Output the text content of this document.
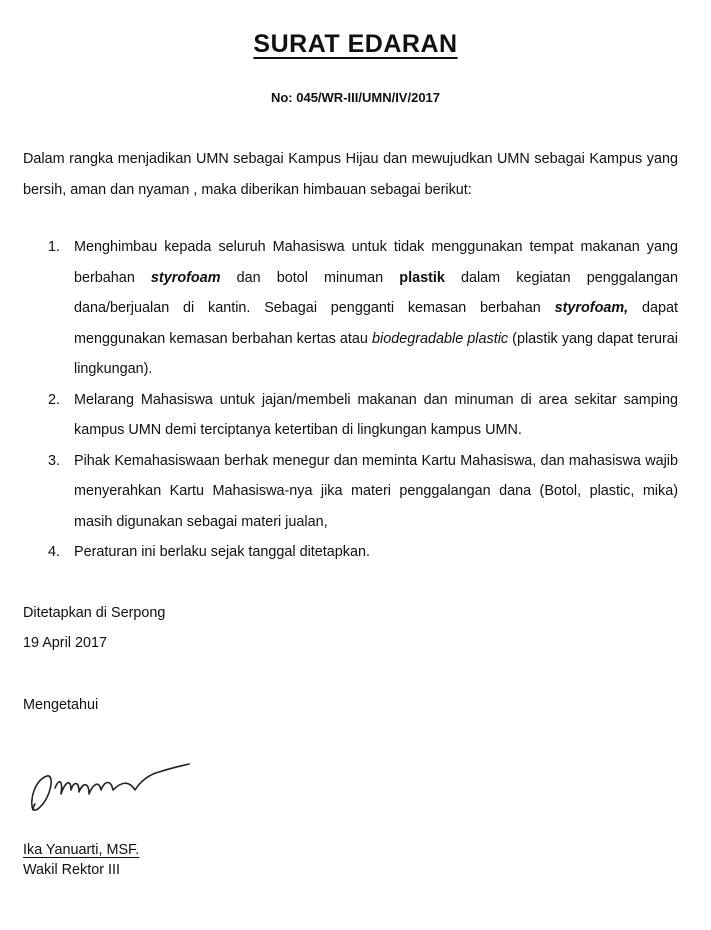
SURAT EDARAN
No: 045/WR-III/UMN/IV/2017
Dalam rangka menjadikan UMN sebagai Kampus Hijau dan mewujudkan UMN sebagai Kampus yang bersih, aman dan nyaman , maka diberikan himbauan sebagai berikut:
1. Menghimbau kepada seluruh Mahasiswa untuk tidak menggunakan tempat makanan yang berbahan styrofoam dan botol minuman plastik dalam kegiatan penggalangan dana/berjualan di kantin. Sebagai pengganti kemasan berbahan styrofoam, dapat menggunakan kemasan berbahan kertas atau biodegradable plastic (plastik yang dapat terurai lingkungan).
2. Melarang Mahasiswa untuk jajan/membeli makanan dan minuman di area sekitar samping kampus UMN demi terciptanya ketertiban di lingkungan kampus UMN.
3. Pihak Kemahasiswaan berhak menegur dan meminta Kartu Mahasiswa, dan mahasiswa wajib menyerahkan Kartu Mahasiswa-nya jika materi penggalangan dana (Botol, plastic, mika) masih digunakan sebagai materi jualan,
4. Peraturan ini berlaku sejak tanggal ditetapkan.
Ditetapkan di Serpong
19 April 2017
Mengetahui
Ika Yanuarti, MSF.
Wakil Rektor III
